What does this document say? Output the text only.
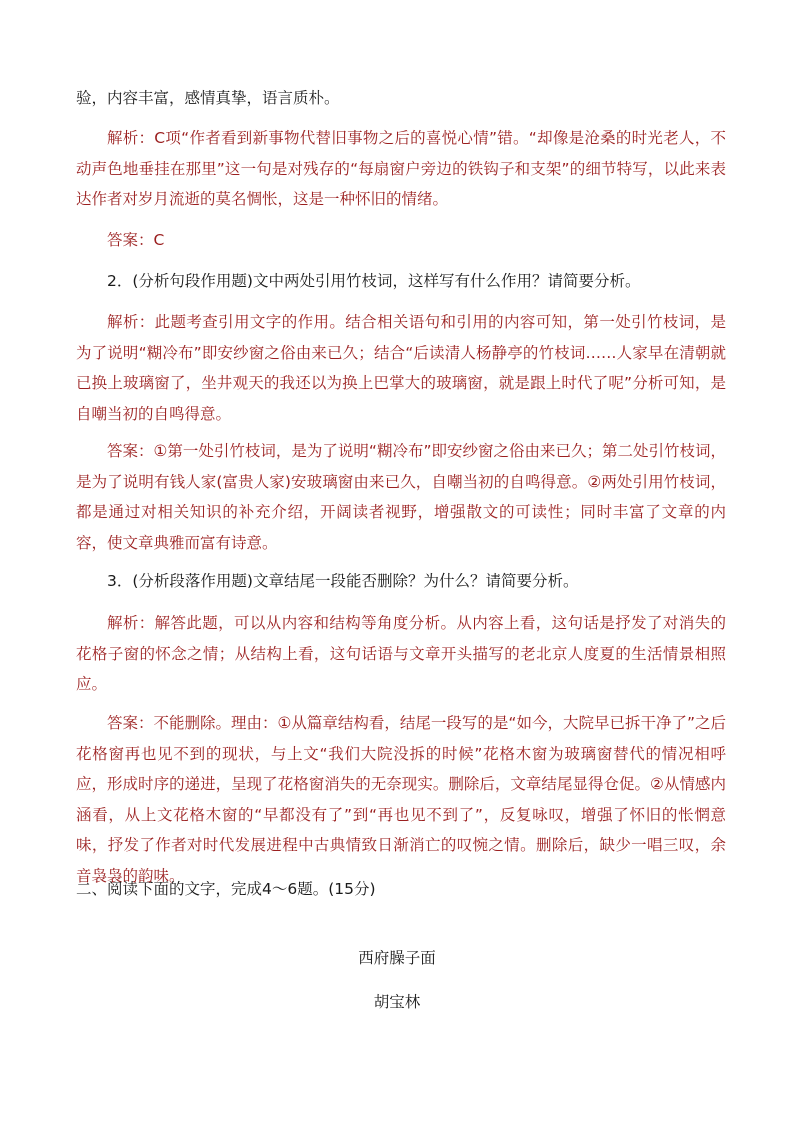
验，内容丰富，感情真挚，语言质朴。

解析：C项“作者看到新事物代替旧事物之后的喜悦心情”错。“却像是沧桑的时光老人，不动声色地垂挂在那里”这一句是对残存的“每扇窗户旁边的铁钩子和支架”的细节特写，以此来表达作者对岁月流逝的莫名惆怅，这是一种怀旧的情绪。

答案：C

2．(分析句段作用题)文中两处引用竹枝词，这样写有什么作用？请简要分析。

解析：此题考查引用文字的作用。结合相关语句和引用的内容可知，第一处引竹枝词，是为了说明“糊冷布”即安纱窗之俗由来已久；结合“后读清人杨静亭的竹枝词……人家早在清朝就已换上玻璃窗了，坐井观天的我还以为换上巴掌大的玻璃窗，就是跟上时代了呢”分析可知，是自嘲当初的自鸣得意。

答案：①第一处引竹枝词，是为了说明“糊冷布”即安纱窗之俗由来已久；第二处引竹枝词，是为了说明有钱人家(富贵人家)安玻璃窗由来已久，自嘲当初的自鸣得意。②两处引用竹枝词，都是通过对相关知识的补充介绍，开阔读者视野，增强散文的可读性；同时丰富了文章的内容，使文章典雅而富有诗意。

3．(分析段落作用题)文章结尾一段能否删除？为什么？请简要分析。

解析：解答此题，可以从内容和结构等角度分析。从内容上看，这句话是抒发了对消失的花格子窗的怀念之情；从结构上看，这句话语与文章开头描写的老北京人度夏的生活情景相照应。

答案：不能删除。理由：①从篇章结构看，结尾一段写的是“如今，大院早已拆干净了”之后花格窗再也见不到的现状，与上文“我们大院没拆的时候”花格木窗为玻璃窗替代的情况相呼应，形成时序的递进，呈现了花格窗消失的无奈现实。删除后，文章结尾显得仓促。②从情感内涵看，从上文花格木窗的“早都没有了”到“再也见不到了”，反复咏叹，增强了怀旧的怅惘意味，抒发了作者对时代发展进程中古典情致日渐消亡的叹惋之情。删除后，缺少一唱三叹，余音袅袅的韵味。

二、阅读下面的文字，完成4～6题。(15分)

西府臊子面

胡宝林
